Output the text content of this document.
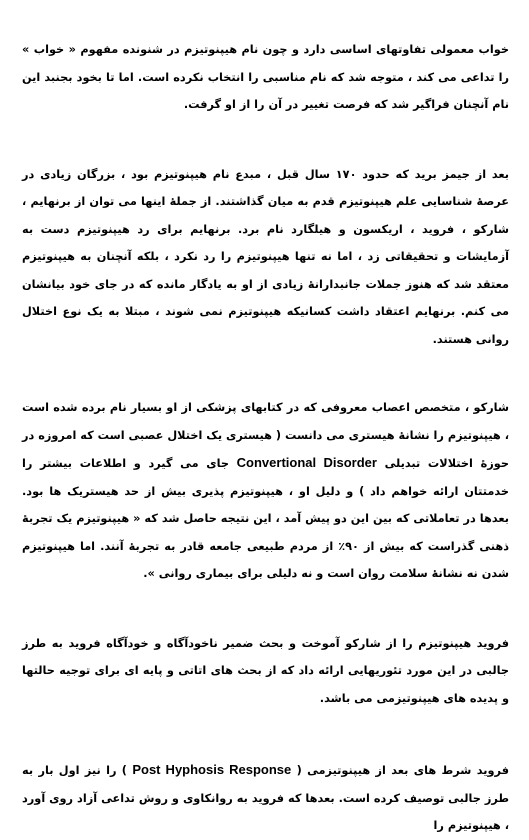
خواب معمولی تفاوتهای اساسی دارد و چون نام هیپنوتیزم در شنونده مفهوم « خواب » را تداعی می کند ، متوجه شد که نام مناسبی را انتخاب نکرده است. اما تا بخود بجنبد این نام آنچنان فراگیر شد که فرصت تغییر در آن را از او گرفت.

بعد از جیمز برید که حدود ۱۷۰ سال قبل ، مبدع نام هیپنوتیزم بود ، بزرگان زیادی در عرصهٔ شناسایی علم هیپنوتیزم قدم به میان گذاشتند. از جملهٔ اینها می توان از برنهایم ، شارکو ، فروید ، اریکسون و هیلگارد نام برد. برنهایم برای رد هیپنوتیزم دست به آزمایشات و تحقیقاتی زد ، اما نه تنها هیپنوتیزم را رد نکرد ، بلکه آنچنان به هیپنوتیزم معتقد شد که هنوز جملات جانبدارانهٔ زیادی از او به یادگار مانده که در جای خود بیانشان می کنم. برنهایم اعتقاد داشت کسانیکه هیپنوتیزم نمی شوند ، مبتلا به یک نوع اختلال روانی هستند.

شارکو ، متخصص اعصاب معروفی که در کتابهای پزشکی از او بسیار نام برده شده است ، هیپنوتیزم را نشانهٔ هیستری می دانست ( هیستری یک اختلال عصبی است که امروزه در حوزهٔ اختلالات تبدیلی Convertional Disorder جای می گیرد و اطلاعات بیشتر را خدمتتان ارائه خواهم داد ) و دلیل او ، هیپنوتیزم پذیری بیش از حد هیستریک ها بود. بعدها در تعاملاتی که بین این دو پیش آمد ، این نتیجه حاصل شد که « هیپنوتیزم یک تجربهٔ ذهنی گذراست که بیش از ۹۰٪ از مردم طبیعی جامعه قادر به تجربهٔ آنند. اما هیپنوتیزم شدن نه نشانهٔ سلامت روان است و نه دلیلی برای بیماری روانی ».

فروید هیپنوتیزم را از شارکو آموخت و بحث ضمیر ناخودآگاه و خودآگاه فروید به طرز جالبی در این مورد تئوریهایی ارائه داد که از بحث های اتاتی و پایه ای برای توجیه حالتها و پدیده های هیپنوتیزمی می باشد.

فروید شرط های بعد از هیپنوتیزمی ( Post Hyphosis Response ) را نیز اول بار به طرز جالبی توصیف کرده است. بعدها که فروید به روانکاوی و روش تداعی آزاد روی آورد ، هیپنوتیزم را
